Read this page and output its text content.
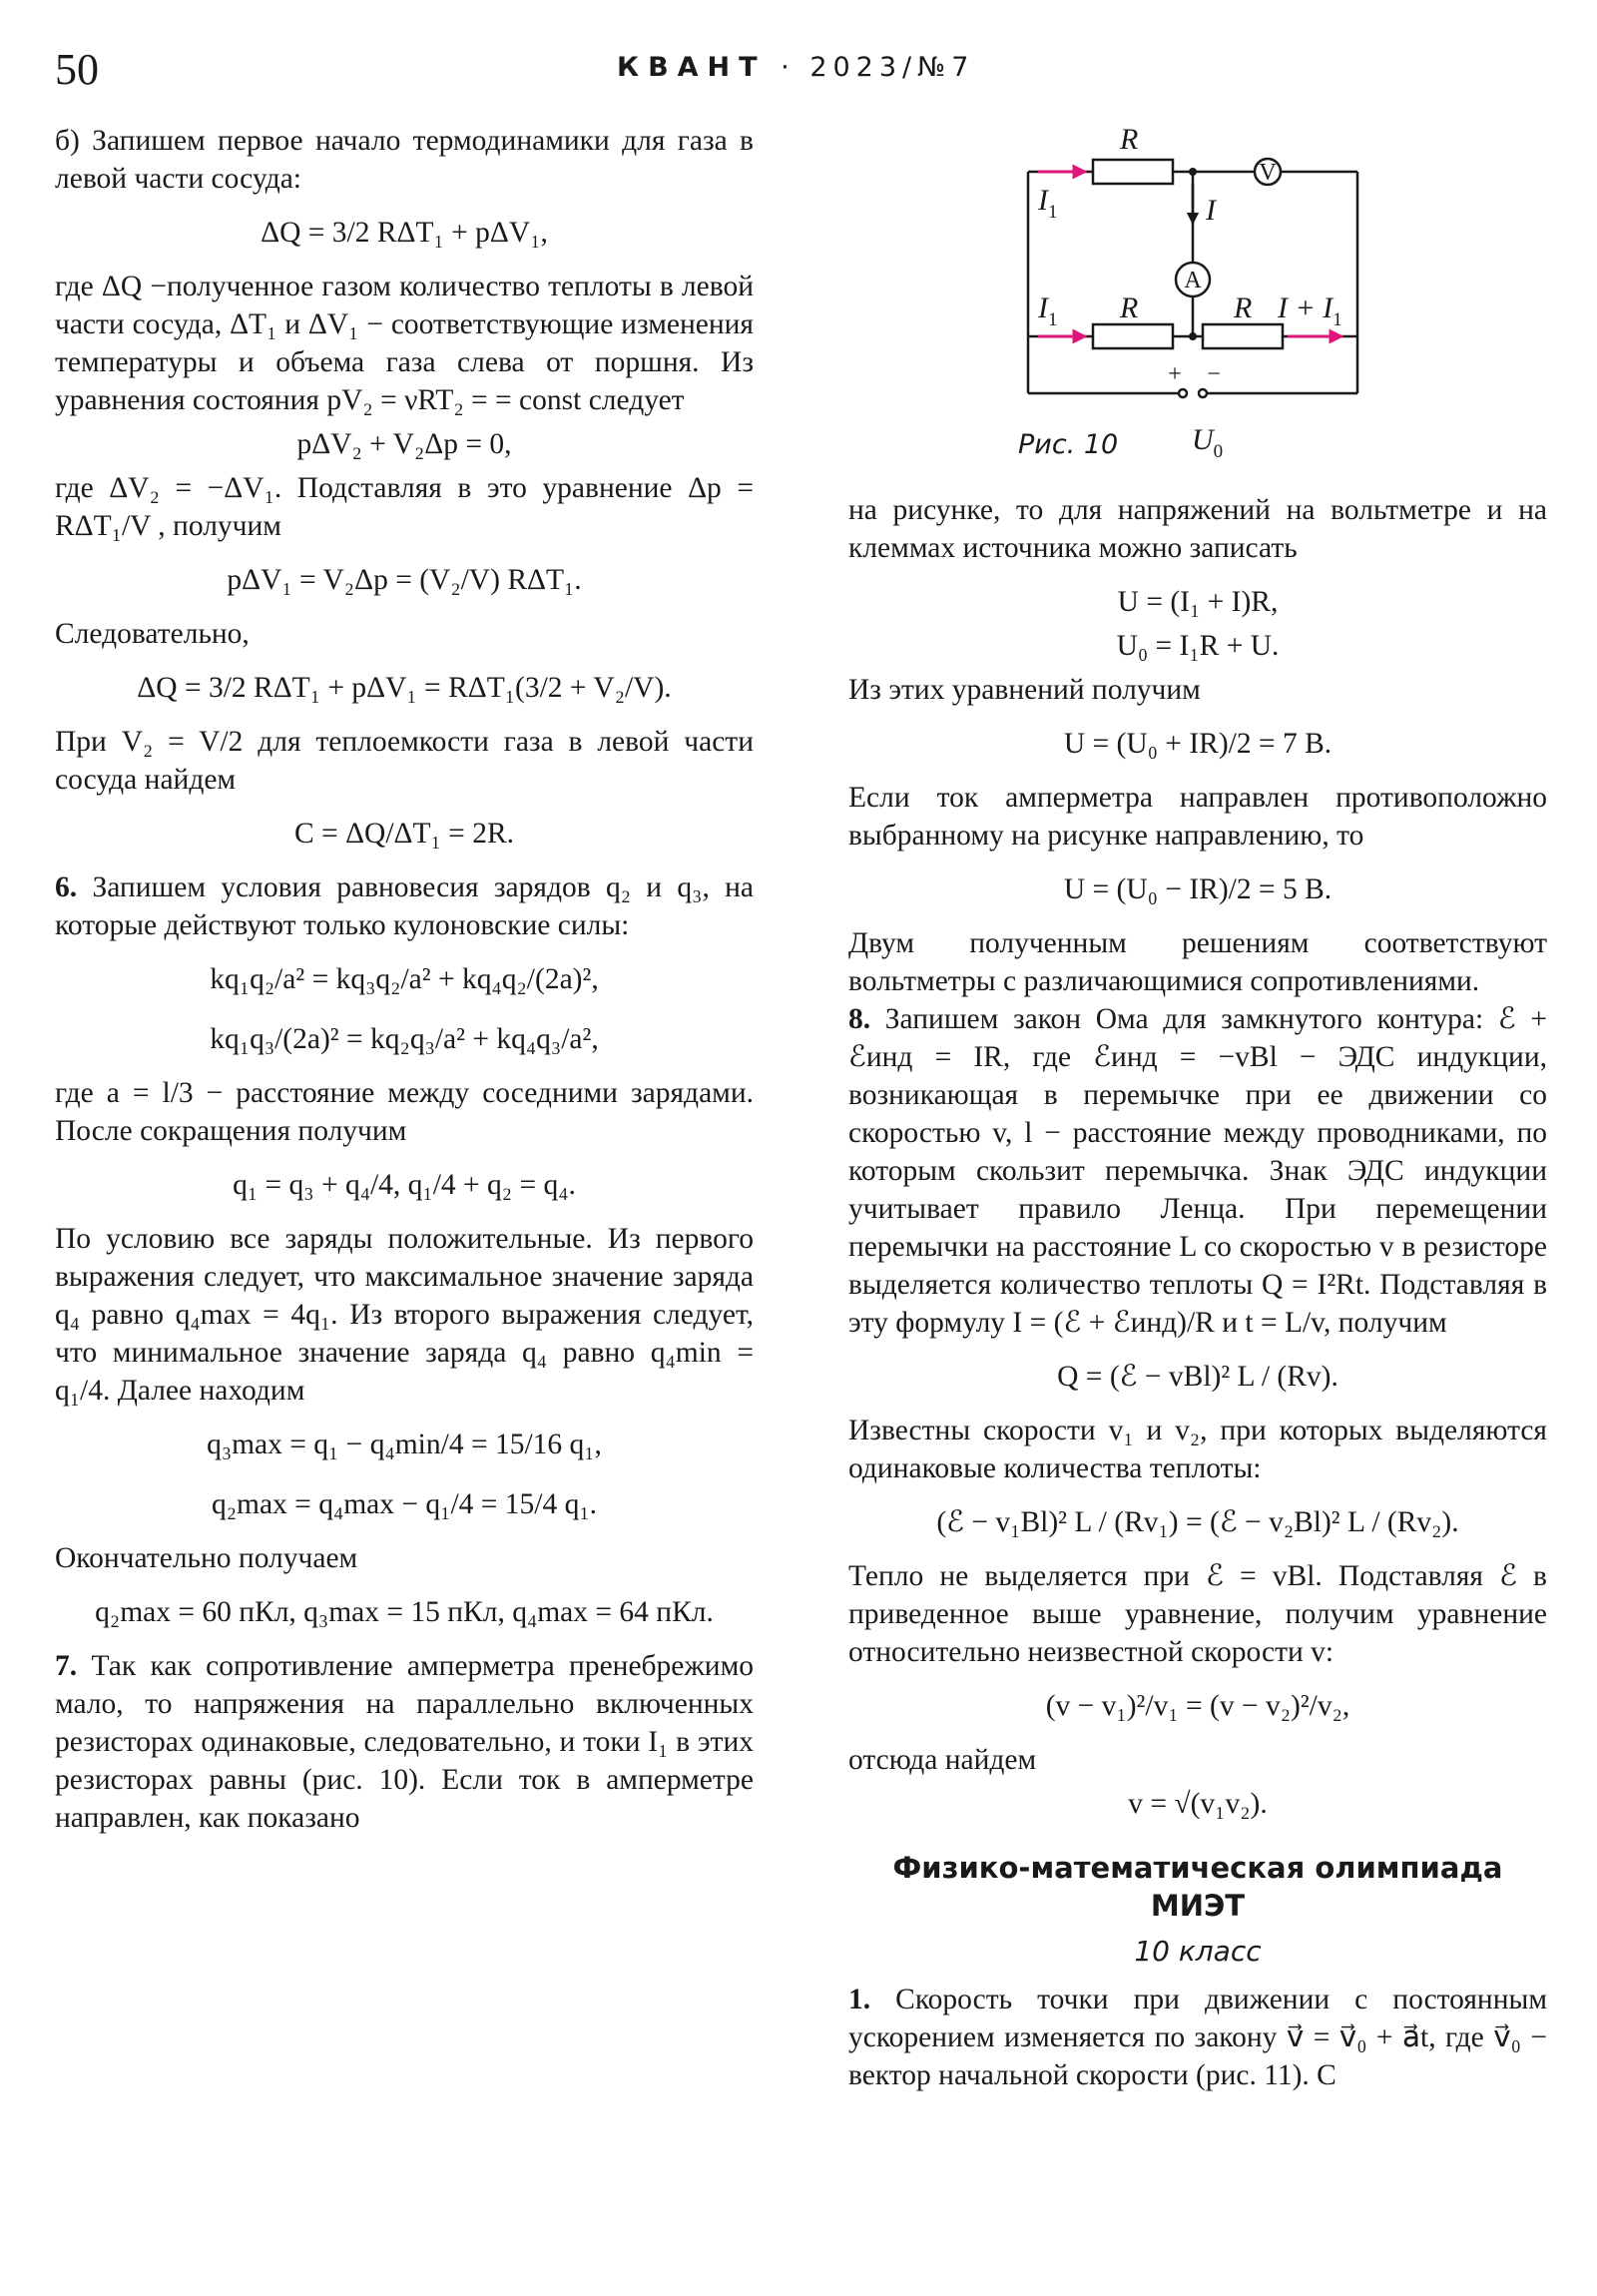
50	КВАНТ · 2023/№7

б) Запишем первое начало термодинамики для газа в левой части сосуда:

ΔQ = 3/2 RΔT₁ + pΔV₁,

где ΔQ −полученное газом количество теплоты в левой части сосуда, ΔT₁ и ΔV₁ − соответствующие изменения температуры и объема газа слева от поршня. Из уравнения состояния pV₂ = νRT₂ = = const следует

pΔV₂ + V₂Δp = 0,

где ΔV₂ = −ΔV₁. Подставляя в это уравнение Δp = RΔT₁/V , получим

pΔV₁ = V₂Δp = (V₂/V) RΔT₁.

Следовательно,

ΔQ = 3/2 RΔT₁ + pΔV₁ = RΔT₁(3/2 + V₂/V).

При V₂ = V/2 для теплоемкости газа в левой части сосуда найдем

C = ΔQ/ΔT₁ = 2R.

6. Запишем условия равновесия зарядов q₂ и q₃, на которые действуют только кулоновские силы:

kq₁q₂/a² = kq₃q₂/a² + kq₄q₂/(2a)²,
kq₁q₃/(2a)² = kq₂q₃/a² + kq₄q₃/a²,

где a = l/3 − расстояние между соседними зарядами. После сокращения получим

q₁ = q₃ + q₄/4, q₁/4 + q₂ = q₄.

По условию все заряды положительные. Из первого выражения следует, что максимальное значение заряда q₄ равно q₄max = 4q₁. Из второго выражения следует, что минимальное значение заряда q₄ равно q₄min = q₁/4. Далее находим

q₃max = q₁ − q₄min/4 = 15/16 q₁,
q₂max = q₄max − q₁/4 = 15/4 q₁.

Окончательно получаем

q₂max = 60 пКл, q₃max = 15 пКл, q₄max = 64 пКл.

7. Так как сопротивление амперметра пренебрежимо мало, то напряжения на параллельно включенных резисторах одинаковые, следовательно, и токи I₁ в этих резисторах равны (рис. 10). Если ток в амперметре направлен, как показано

R
$I_1$	I
$I_1$ R	R $I + I_1$
$U_0$
V
A
+ −
Рис. 10

на рисунке, то для напряжений на вольтметре и на клеммах источника можно записать

U = (I₁ + I)R,
U₀ = I₁R + U.

Из этих уравнений получим

U = (U₀ + IR)/2 = 7 В.

Если ток амперметра направлен противоположно выбранному на рисунке направлению, то

U = (U₀ − IR)/2 = 5 В.

Двум полученным решениям соответствуют вольтметры с различающимися сопротивлениями.

8. Запишем закон Ома для замкнутого контура: ℰ + ℰинд = IR, где ℰинд = −vBl − ЭДС индукции, возникающая в перемычке при ее движении со скоростью v, l − расстояние между проводниками, по которым скользит перемычка. Знак ЭДС индукции учитывает правило Ленца. При перемещении перемычки на расстояние L со скоростью v в резисторе выделяется количество теплоты Q = I²Rt. Подставляя в эту формулу I = (ℰ + ℰинд)/R и t = L/v, получим

Q = (ℰ − vBl)² L / (Rv).

Известны скорости v₁ и v₂, при которых выделяются одинаковые количества теплоты:

(ℰ − v₁Bl)² L / (Rv₁) = (ℰ − v₂Bl)² L / (Rv₂).

Тепло не выделяется при ℰ = vBl. Подставляя ℰ в приведенное выше уравнение, получим уравнение относительно неизвестной скорости v:

(v − v₁)²/v₁ = (v − v₂)²/v₂,

отсюда найдем

v = √(v₁v₂).
Физико-математическая олимпиада МИЭТ
10 класс

1. Скорость точки при движении с постоянным ускорением изменяется по закону v⃗ = v⃗₀ + a⃗t, где v⃗₀ − вектор начальной скорости (рис. 11). С
